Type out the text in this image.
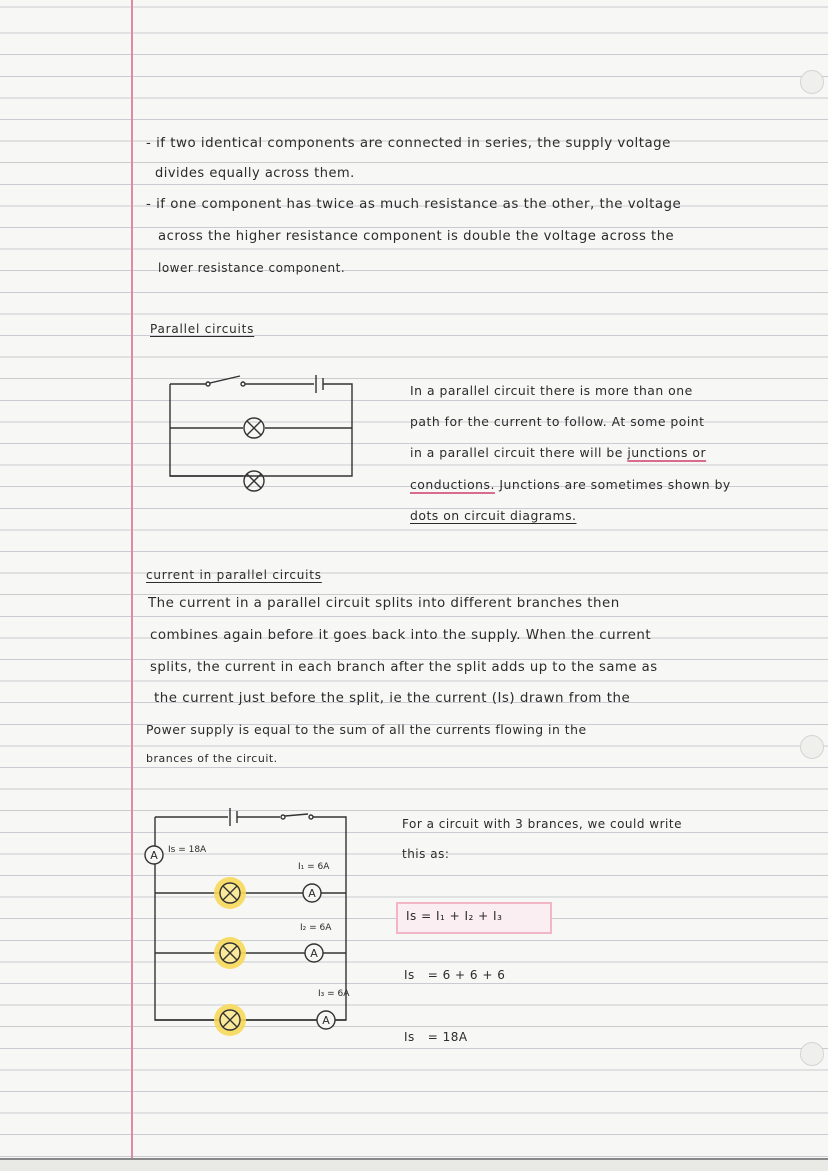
- if two identical components are connected in series, the supply voltage
divides equally across them.
- if one component has twice as much resistance as the other, the voltage
across the higher resistance component is double the voltage across the
lower resistance component.
Parallel circuits
In a parallel circuit there is more than one
path for the current to follow. At some point
in a parallel circuit there will be junctions or
conductions. Junctions are sometimes shown by
dots on circuit diagrams.
current in parallel circuits
The current in a parallel circuit splits into different branches then
combines again before it goes back into the supply. When the current
splits, the current in each branch after the split adds up to the same as
the current just before the split, ie the current (Is) drawn from the
Power supply is equal to the sum of all the currents flowing in the
brances of the circuit.
For a circuit with 3 brances, we could write
this as:
Is = I₁ + I₂ + I₃
Is   = 6 + 6 + 6
Is   = 18A
A
A
A
A
Is = 18A
I₁ = 6A
I₂ = 6A
I₃ = 6A
